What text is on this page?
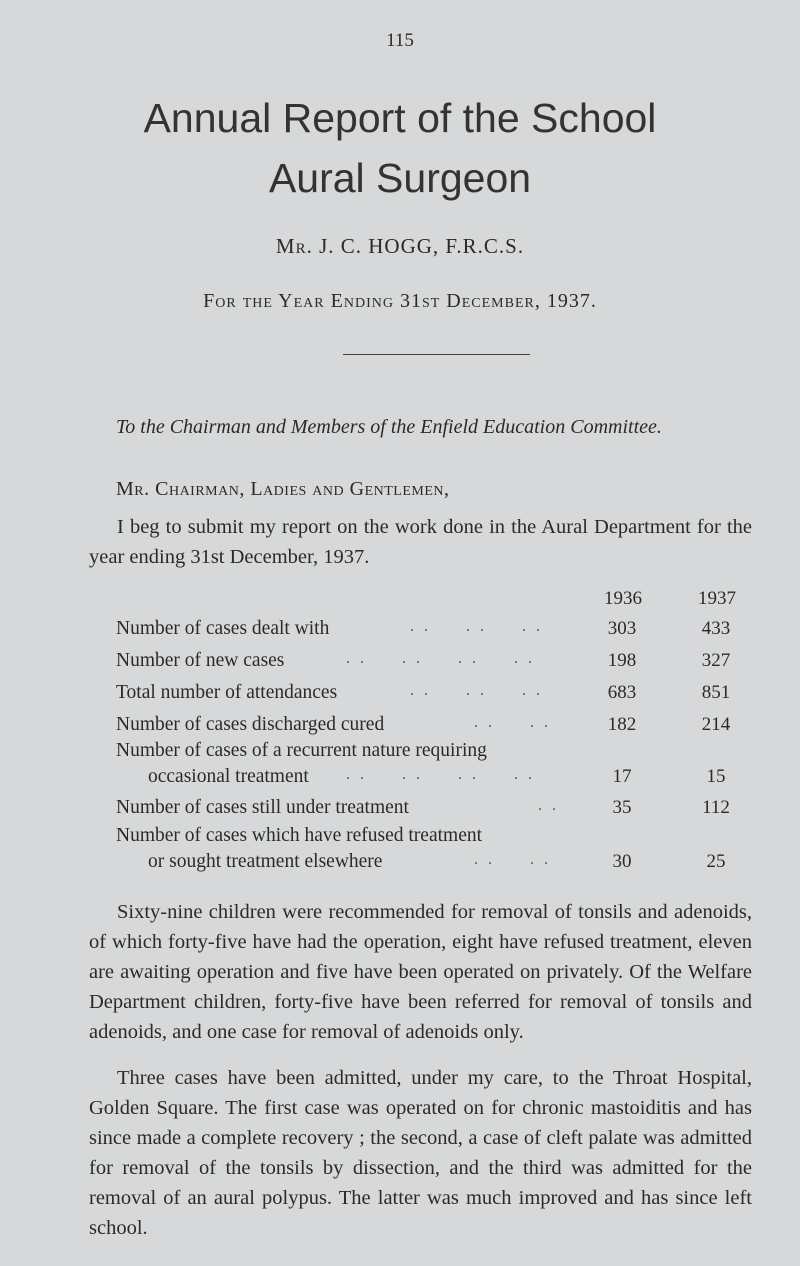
115
Annual Report of the School
Aural Surgeon
Mr. J. C. HOGG, F.R.C.S.
For the Year Ending 31st December, 1937.
To the Chairman and Members of the Enfield Education Committee.
Mr. Chairman, Ladies and Gentlemen,

I beg to submit my report on the work done in the Aural Department for the year ending 31st December, 1937.

1936	1937
Number of cases dealt with	. .     . .     . .	303	433
Number of new cases	. .     . .     . .     . .	198	327
Total number of attendances	. .     . .     . .	683	851
Number of cases discharged cured	. .     . .	182	214
Number of cases of a recurrent nature requiring
occasional treatment	. .     . .     . .     . .	17	15
Number of cases still under treatment	. .	35	112
Number of cases which have refused treatment
or sought treatment elsewhere	. .     . .	30	25

Sixty-nine children were recommended for removal of tonsils and adenoids, of which forty-five have had the operation, eight have refused treatment, eleven are awaiting operation and five have been operated on privately. Of the Welfare Department children, forty-five have been referred for removal of tonsils and adenoids, and one case for removal of adenoids only.

Three cases have been admitted, under my care, to the Throat Hospital, Golden Square. The first case was operated on for chronic mastoiditis and has since made a complete recovery ; the second, a case of cleft palate was admitted for removal of the tonsils by dissection, and the third was admitted for the removal of an aural polypus. The latter was much improved and has since left school.
